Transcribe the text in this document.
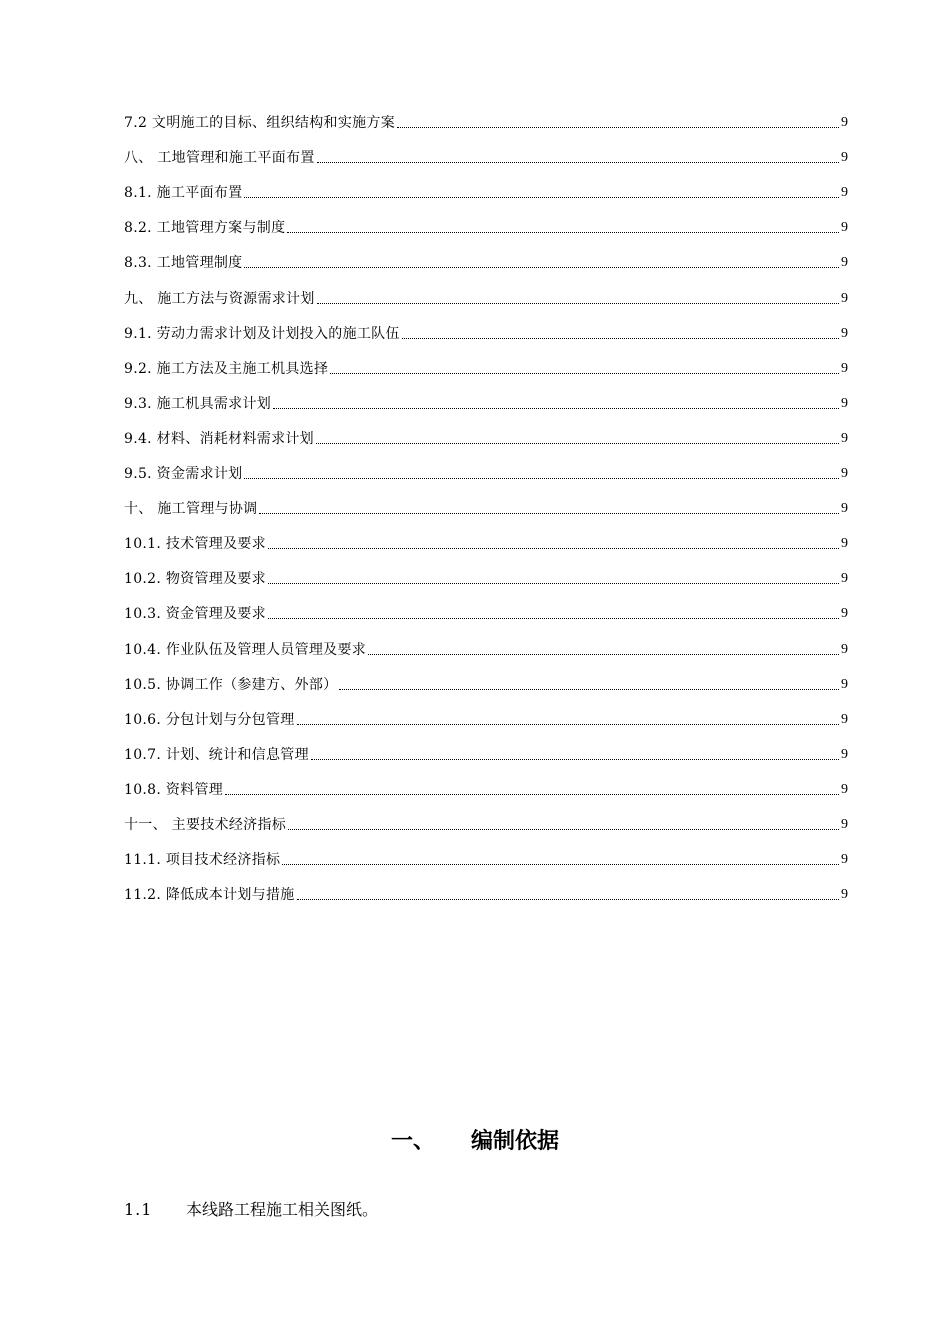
7.2 文明施工的目标、组织结构和实施方案	9
八、 工地管理和施工平面布置	9
8.1. 施工平面布置	9
8.2. 工地管理方案与制度	9
8.3. 工地管理制度	9
九、 施工方法与资源需求计划	9
9.1. 劳动力需求计划及计划投入的施工队伍	9
9.2. 施工方法及主施工机具选择	9
9.3. 施工机具需求计划	9
9.4. 材料、消耗材料需求计划	9
9.5. 资金需求计划	9
十、 施工管理与协调	9
10.1. 技术管理及要求	9
10.2. 物资管理及要求	9
10.3. 资金管理及要求	9
10.4. 作业队伍及管理人员管理及要求	9
10.5. 协调工作（参建方、外部）	9
10.6. 分包计划与分包管理	9
10.7. 计划、统计和信息管理	9
10.8. 资料管理	9
十一、 主要技术经济指标	9
11.1. 项目技术经济指标	9
11.2. 降低成本计划与措施	9
一、 编制依据
1.1 本线路工程施工相关图纸。
